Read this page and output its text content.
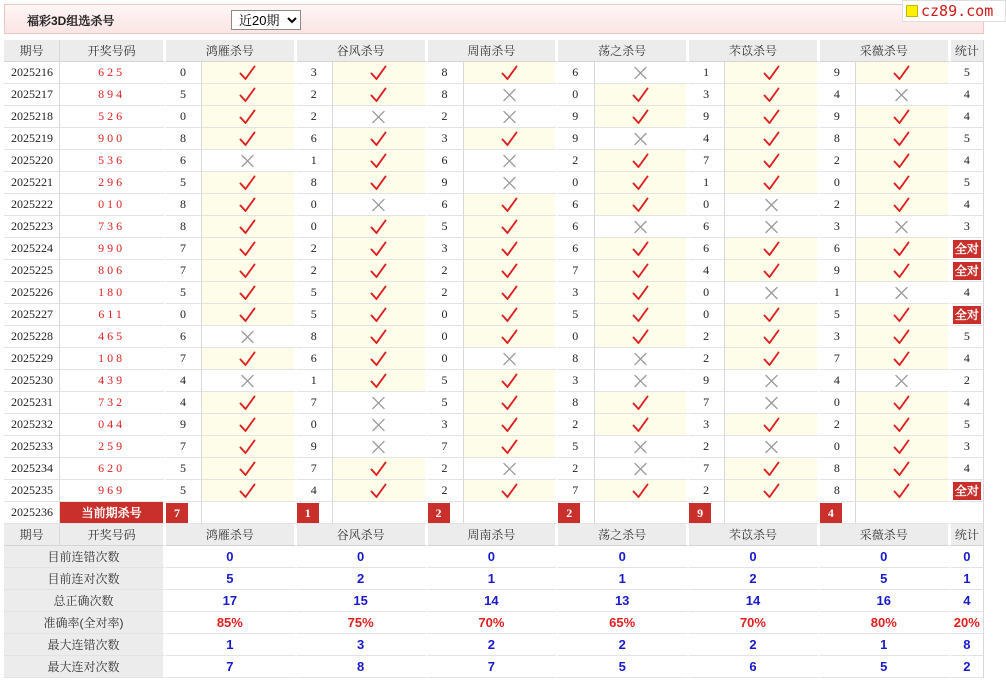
福彩3D组选杀号
近20期
cz89.com
期号	开奖号码	鸿雁杀号		谷风杀号		周南杀号		荡之杀号		芣苡杀号		采薇杀号		统计
2025216	625	0		3		8		6		1		9		5
2025217	894	5		2		8		0		3		4		4
2025218	526	0		2		2		9		9		9		4
2025219	900	8		6		3		9		4		8		5
2025220	536	6		1		6		2		7		2		4
2025221	296	5		8		9		0		1		0		5
2025222	010	8		0		6		6		0		2		4
2025223	736	8		0		5		6		6		3		3
2025224	990	7		2		3		6		6		6		全对
2025225	806	7		2		2		7		4		9		全对
2025226	180	5		5		2		3		0		1		4
2025227	611	0		5		0		5		0		5		全对
2025228	465	6		8		0		0		2		3		5
2025229	108	7		6		0		8		2		7		4
2025230	439	4		1		5		3		9		4		2
2025231	732	4		7		5		8		7		0		4
2025232	044	9		0		3		2		3		2		5
2025233	259	7		9		7		5		2		0		3
2025234	620	5		7		2		2		7		8		4
2025235	969	5		4		2		7		2		8		全对
2025236	当前期杀号	7		1		2		2		9		4		
期号	开奖号码	鸿雁杀号		谷风杀号		周南杀号		荡之杀号		芣苡杀号		采薇杀号		统计
目前连错次数		0		0		0		0		0		0		0
目前连对次数		5		2		1		1		2		5		1
总正确次数		17		15		14		13		14		16		4
准确率(全对率)		85%		75%		70%		65%		70%		80%		20%
最大连错次数		1		3		2		2		2		1		8
最大连对次数		7		8		7		5		6		5		2
